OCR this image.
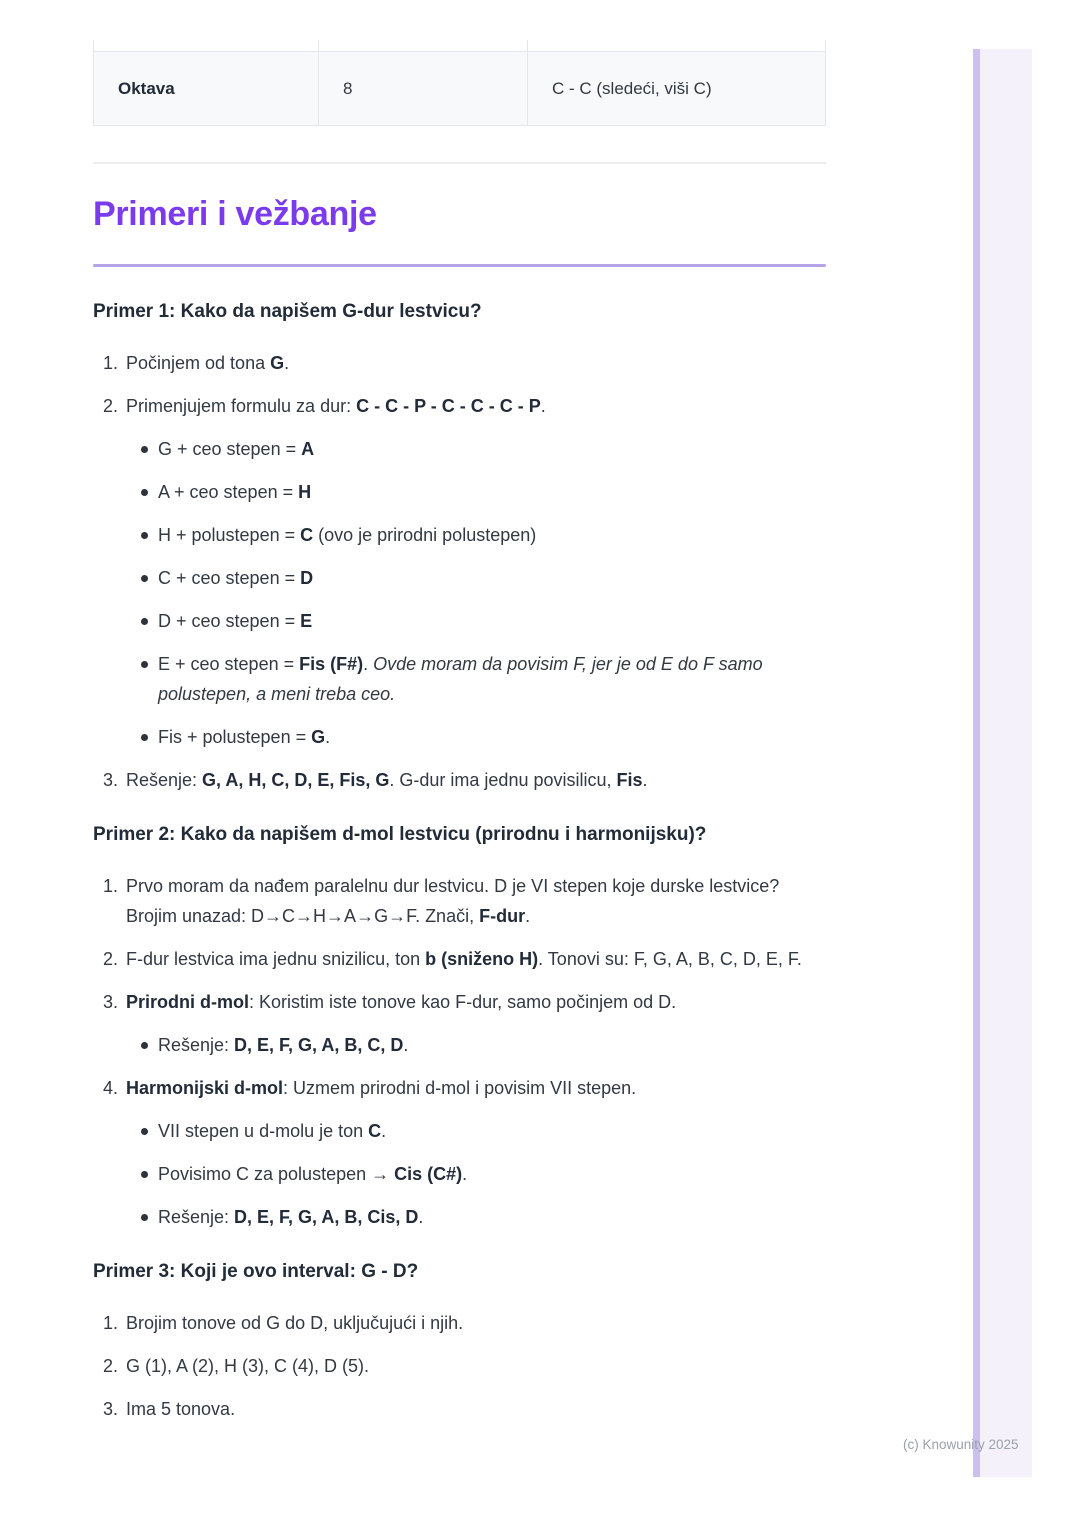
Oktava	8	C - C (sledeći, viši C)
Primeri i vežbanje
Primer 1: Kako da napišem G-dur lestvicu?
1. Počinjem od tona G.
2. Primenjujem formulu za dur: C - C - P - C - C - C - P.
G + ceo stepen = A
A + ceo stepen = H
H + polustepen = C (ovo je prirodni polustepen)
C + ceo stepen = D
D + ceo stepen = E
E + ceo stepen = Fis (F#). Ovde moram da povisim F, jer je od E do F samo polustepen, a meni treba ceo.
Fis + polustepen = G.
3. Rešenje: G, A, H, C, D, E, Fis, G. G-dur ima jednu povisilicu, Fis.
Primer 2: Kako da napišem d-mol lestvicu (prirodnu i harmonijsku)?
1. Prvo moram da nađem paralelnu dur lestvicu. D je VI stepen koje durske lestvice? Brojim unazad: D→C→H→A→G→F. Znači, F-dur.
2. F-dur lestvica ima jednu snizilicu, ton b (sniženo H). Tonovi su: F, G, A, B, C, D, E, F.
3. Prirodni d-mol: Koristim iste tonove kao F-dur, samo počinjem od D.
Rešenje: D, E, F, G, A, B, C, D.
4. Harmonijski d-mol: Uzmem prirodni d-mol i povisim VII stepen.
VII stepen u d-molu je ton C.
Povisimo C za polustepen → Cis (C#).
Rešenje: D, E, F, G, A, B, Cis, D.
Primer 3: Koji je ovo interval: G - D?
1. Brojim tonove od G do D, uključujući i njih.
2. G (1), A (2), H (3), C (4), D (5).
3. Ima 5 tonova.
(c) Knowunity 2025
